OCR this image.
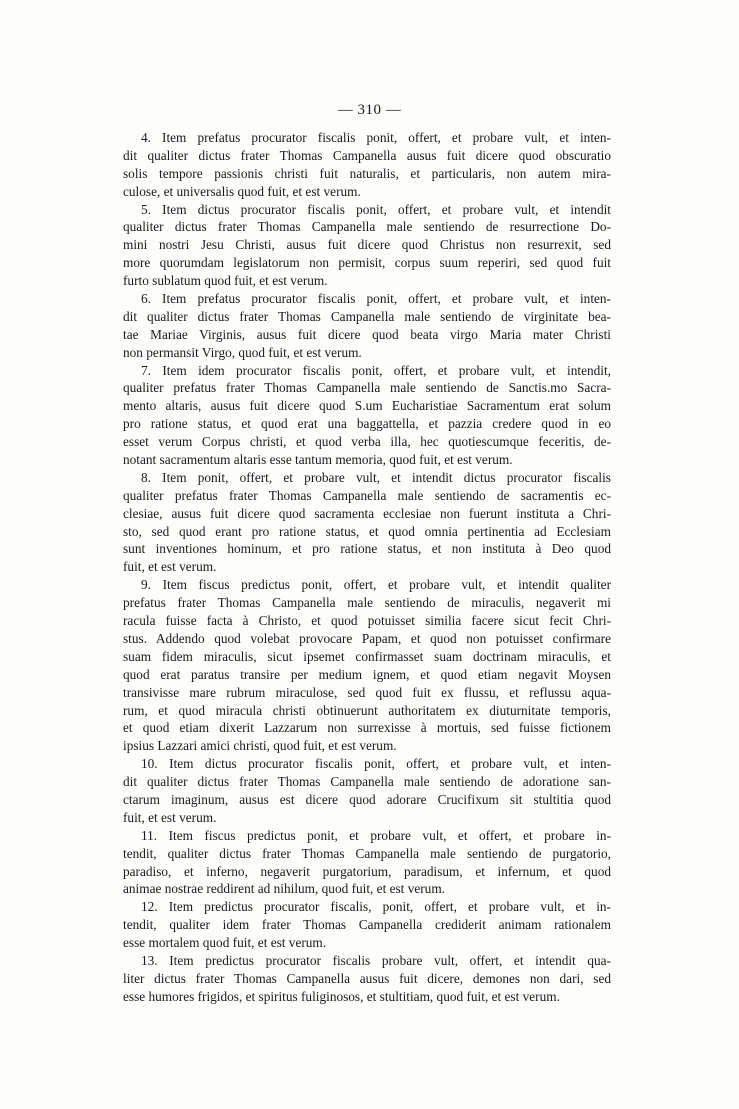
— 310 —
4. Item prefatus procurator fiscalis ponit, offert, et probare vult, et inten-
dit qualiter dictus frater Thomas Campanella ausus fuit dicere quod obscuratio
solis tempore passionis christi fuit naturalis, et particularis, non autem mira-
culose, et universalis quod fuit, et est verum.
5. Item dictus procurator fiscalis ponit, offert, et probare vult, et intendit
qualiter dictus frater Thomas Campanella male sentiendo de resurrectione Do-
mini nostri Jesu Christi, ausus fuit dicere quod Christus non resurrexit, sed
more quorumdam legislatorum non permisit, corpus suum reperiri, sed quod fuit
furto sublatum quod fuit, et est verum.
6. Item prefatus procurator fiscalis ponit, offert, et probare vult, et inten-
dit qualiter dictus frater Thomas Campanella male sentiendo de virginitate bea-
tae Mariae Virginis, ausus fuit dicere quod beata virgo Maria mater Christi
non permansit Virgo, quod fuit, et est verum.
7. Item idem procurator fiscalis ponit, offert, et probare vult, et intendit,
qualiter prefatus frater Thomas Campanella male sentiendo de Sanctis.mo Sacra-
mento altaris, ausus fuit dicere quod S.um Eucharistiae Sacramentum erat solum
pro ratione status, et quod erat una baggattella, et pazzia credere quod in eo
esset verum Corpus christi, et quod verba illa, hec quotiescumque feceritis, de-
notant sacramentum altaris esse tantum memoria, quod fuit, et est verum.
8. Item ponit, offert, et probare vult, et intendit dictus procurator fiscalis
qualiter prefatus frater Thomas Campanella male sentiendo de sacramentis ec-
clesiae, ausus fuit dicere quod sacramenta ecclesiae non fuerunt instituta a Chri-
sto, sed quod erant pro ratione status, et quod omnia pertinentia ad Ecclesiam
sunt inventiones hominum, et pro ratione status, et non instituta à Deo quod
fuit, et est verum.
9. Item fiscus predictus ponit, offert, et probare vult, et intendit qualiter
prefatus frater Thomas Campanella male sentiendo de miraculis, negaverit mi
racula fuisse facta à Christo, et quod potuisset similia facere sicut fecit Chri-
stus. Addendo quod volebat provocare Papam, et quod non potuisset confirmare
suam fidem miraculis, sicut ipsemet confirmasset suam doctrinam miraculis, et
quod erat paratus transire per medium ignem, et quod etiam negavit Moysen
transivisse mare rubrum miraculose, sed quod fuit ex flussu, et reflussu aqua-
rum, et quod miracula christi obtinuerunt authoritatem ex diuturnitate temporis,
et quod etiam dixerit Lazzarum non surrexisse à mortuis, sed fuisse fictionem
ipsius Lazzari amici christi, quod fuit, et est verum.
10. Item dictus procurator fiscalis ponit, offert, et probare vult, et inten-
dit qualiter dictus frater Thomas Campanella male sentiendo de adoratione san-
ctarum imaginum, ausus est dicere quod adorare Crucifixum sit stultitia quod
fuit, et est verum.
11. Item fiscus predictus ponit, et probare vult, et offert, et probare in-
tendit, qualiter dictus frater Thomas Campanella male sentiendo de purgatorio,
paradiso, et inferno, negaverit purgatorium, paradisum, et infernum, et quod
animae nostrae reddirent ad nihilum, quod fuit, et est verum.
12. Item predictus procurator fiscalis, ponit, offert, et probare vult, et in-
tendit, qualiter idem frater Thomas Campanella crediderit animam rationalem
esse mortalem quod fuit, et est verum.
13. Item predictus procurator fiscalis probare vult, offert, et intendit qua-
liter dictus frater Thomas Campanella ausus fuit dicere, demones non dari, sed
esse humores frigidos, et spiritus fuliginosos, et stultitiam, quod fuit, et est verum.
